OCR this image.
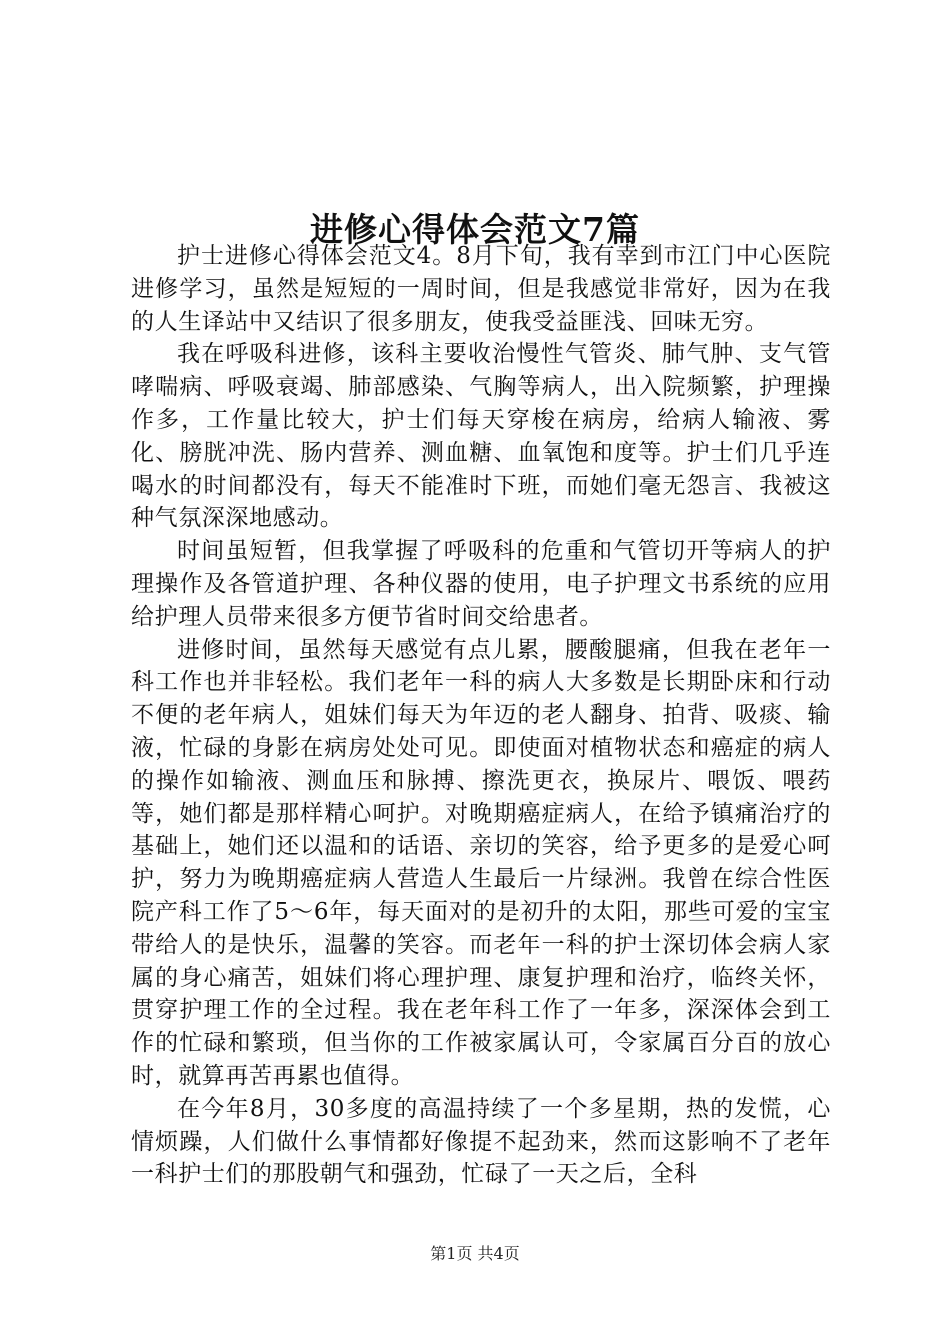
进修心得体会范文7篇

护士进修心得体会范文4。8月下旬，我有幸到市江门中心医院进修学习，虽然是短短的一周时间，但是我感觉非常好，因为在我的人生译站中又结识了很多朋友，使我受益匪浅、回味无穷。

我在呼吸科进修，该科主要收治慢性气管炎、肺气肿、支气管哮喘病、呼吸衰竭、肺部感染、气胸等病人，出入院频繁，护理操作多，工作量比较大，护士们每天穿梭在病房，给病人输液、雾化、膀胱冲洗、肠内营养、测血糖、血氧饱和度等。护士们几乎连喝水的时间都没有，每天不能准时下班，而她们毫无怨言、我被这种气氛深深地感动。

时间虽短暂，但我掌握了呼吸科的危重和气管切开等病人的护理操作及各管道护理、各种仪器的使用，电子护理文书系统的应用给护理人员带来很多方便节省时间交给患者。

进修时间，虽然每天感觉有点儿累，腰酸腿痛，但我在老年一科工作也并非轻松。我们老年一科的病人大多数是长期卧床和行动不便的老年病人，姐妹们每天为年迈的老人翻身、拍背、吸痰、输液，忙碌的身影在病房处处可见。即使面对植物状态和癌症的病人的操作如输液、测血压和脉搏、擦洗更衣，换尿片、喂饭、喂药等，她们都是那样精心呵护。对晚期癌症病人，在给予镇痛治疗的基础上，她们还以温和的话语、亲切的笑容，给予更多的是爱心呵护，努力为晚期癌症病人营造人生最后一片绿洲。我曾在综合性医院产科工作了5～6年，每天面对的是初升的太阳，那些可爱的宝宝带给人的是快乐，温馨的笑容。而老年一科的护士深切体会病人家属的身心痛苦，姐妹们将心理护理、康复护理和治疗，临终关怀，贯穿护理工作的全过程。我在老年科工作了一年多，深深体会到工作的忙碌和繁琐，但当你的工作被家属认可，令家属百分百的放心时，就算再苦再累也值得。

在今年8月，30多度的高温持续了一个多星期，热的发慌，心情烦躁，人们做什么事情都好像提不起劲来，然而这影响不了老年一科护士们的那股朝气和强劲，忙碌了一天之后，全科

第1页 共4页
